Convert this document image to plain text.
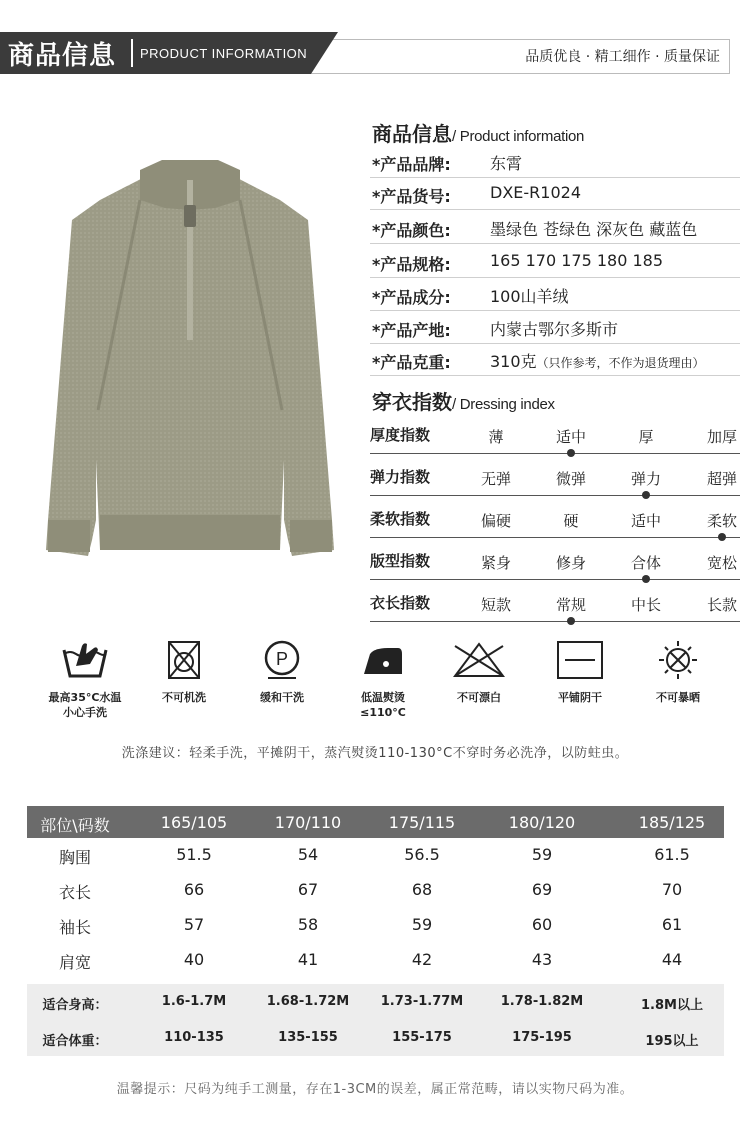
商品信息 PRODUCT INFORMATION	品质优良 · 精工细作 · 质量保证
商品信息/ Product information
*产品品牌: 东霄
*产品货号: DXE-R1024
*产品颜色: 墨绿色 苍绿色 深灰色 藏蓝色
*产品规格: 165 170 175 180 185
*产品成分: 100山羊绒
*产品产地: 内蒙古鄂尔多斯市
*产品克重: 310克（只作参考，不作为退货理由）
穿衣指数/ Dressing index
厚度指数	薄	适中	厚	加厚
弹力指数	无弹	微弹	弹力	超弹
柔软指数	偏硬	硬	适中	柔软
版型指数	紧身	修身	合体	宽松
衣长指数	短款	常规	中长	长款
最高35°C水温
小心手洗
不可机洗
P
缓和干洗	低温熨烫
≤110°C
不可漂白	平铺阴干	不可暴晒
洗涤建议：轻柔手洗，平摊阴干，蒸汽熨烫110-130°C不穿时务必洗净，以防蛀虫。
部位\码数	165/105	170/110	175/115	180/120	185/125
胸围	51.5	54	56.5	59	61.5
衣长	66	67	68	69	70
袖长	57	58	59	60	61
肩宽	40	41	42	43	44
适合身高：	1.6-1.7M	1.68-1.72M	1.73-1.77M	1.78-1.82M	1.8M以上
适合体重：	110-135	135-155	155-175	175-195	195以上
温馨提示：尺码为纯手工测量，存在1-3CM的误差，属正常范畴，请以实物尺码为准。
